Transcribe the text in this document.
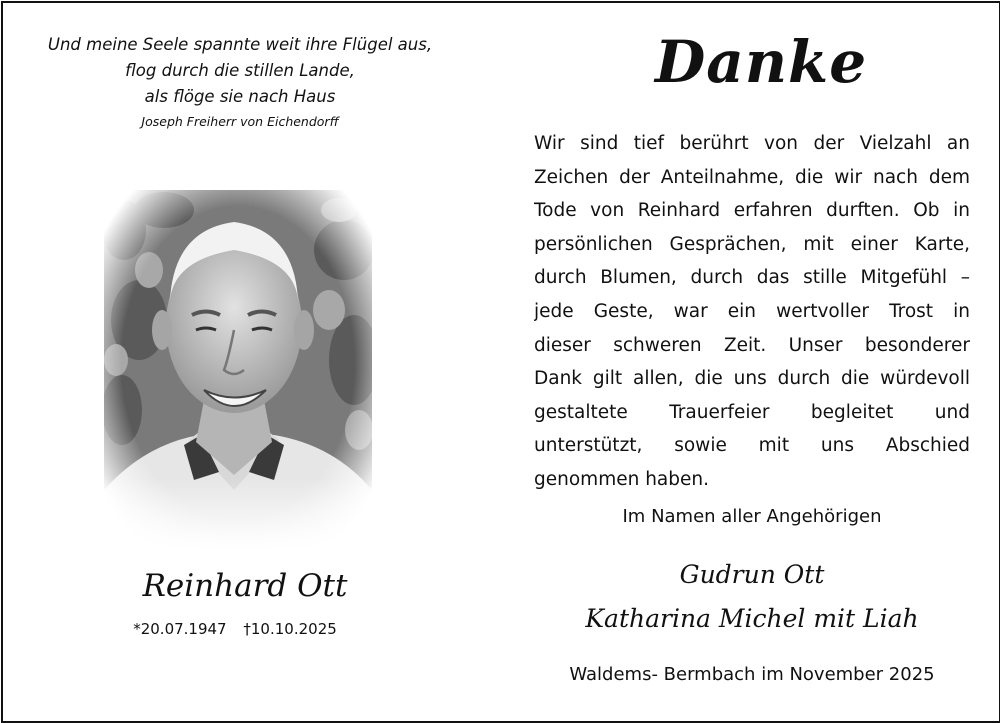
Und meine Seele spannte weit ihre Flügel aus,
flog durch die stillen Lande,
als flöge sie nach Haus
Joseph Freiherr von Eichendorff
Reinhard Ott
*20.07.1947 †10.10.2025
Danke
Wir sind tief berührt von der Vielzahl an
Zeichen der Anteilnahme, die wir nach dem
Tode von Reinhard erfahren durften. Ob in
persönlichen Gesprächen, mit einer Karte,
durch Blumen, durch das stille Mitgefühl –
jede Geste, war ein wertvoller Trost in
dieser schweren Zeit. Unser besonderer
Dank gilt allen, die uns durch die würdevoll
gestaltete Trauerfeier begleitet und
unterstützt, sowie mit uns Abschied
genommen haben.
Im Namen aller Angehörigen
Gudrun Ott
Katharina Michel mit Liah
Waldems- Bermbach im November 2025
